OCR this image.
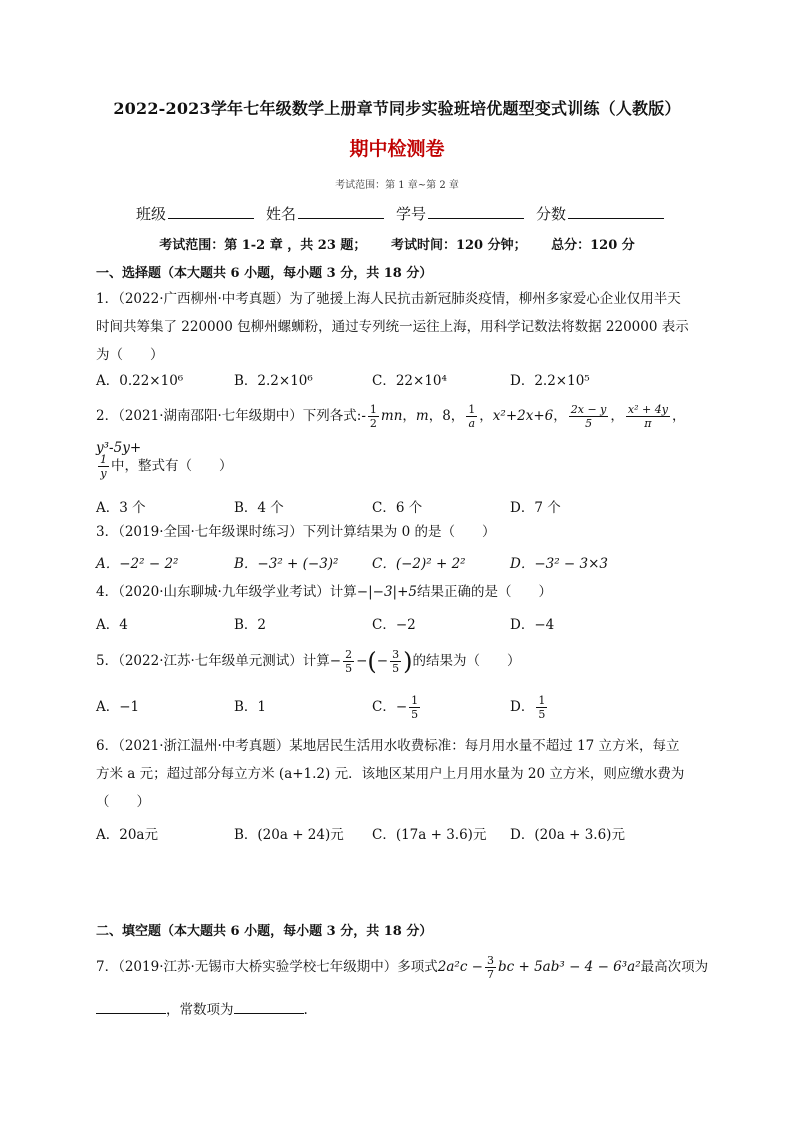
2022-2023学年七年级数学上册章节同步实验班培优题型变式训练（人教版）
期中检测卷
考试范围：第 1 章~第 2 章
班级	姓名	学号	分数
考试范围：第 1-2 章 ，共 23 题； 考试时间：120 分钟； 总分：120 分
一、选择题（本大题共 6 小题，每小题 3 分，共 18 分）
1．（2022·广西柳州·中考真题）为了驰援上海人民抗击新冠肺炎疫情，柳州多家爱心企业仅用半天
时间共筹集了 220000 包柳州螺蛳粉，通过专列统一运往上海，用科学记数法将数据 220000 表示
为（　　）
A．0.22×10⁶	B．2.2×10⁶	C．22×10⁴	D．2.2×10⁵
2．（2021·湖南邵阳·七年级期中）下列各式:- $\frac{1}{2}$ mn，m，8， $\frac{1}{a}$ ，x²+2x+6， $\frac{2x - y}{5}$ ， $\frac{\text{x² + 4y}}{\pi}$ ，y³-5y+
$\frac{1}{y}$ 中，整式有（　　）
A．3 个	B．4 个	C．6 个	D．7 个
3．（2019·全国·七年级课时练习）下列计算结果为 0 的是（　　）
A．−2² − 2²	B．−3² + (−3)²	C．(−2)² + 2²	D．−3² − 3×3
4．（2020·山东聊城·九年级学业考试）计算−|−3|+5结果正确的是（　　）
A．4	B．2	C．−2	D．−4
5．（2022·江苏·七年级单元测试）计算− $\frac{2}{5}$ −(− $\frac{3}{5}$ )的结果为（　　）
A．−1	B．1	C．− $\frac{1}{5}$	D． $\frac{1}{5}$
6．（2021·浙江温州·中考真题）某地居民生活用水收费标准：每月用水量不超过 17 立方米，每立
方米 a 元；超过部分每立方米 (a+1.2) 元．该地区某用户上月用水量为 20 立方米，则应缴水费为
（　　）
A．20a元	B．(20a + 24)元	C．(17a + 3.6)元	D．(20a + 3.6)元
二、填空题（本大题共 6 小题，每小题 3 分，共 18 分）
7．（2019·江苏·无锡市大桥实验学校七年级期中）多项式$2a^2c - \frac{3}{7}$ bc + 5ab³ − 4 − 6³a²最高次项为
，常数项为	.
